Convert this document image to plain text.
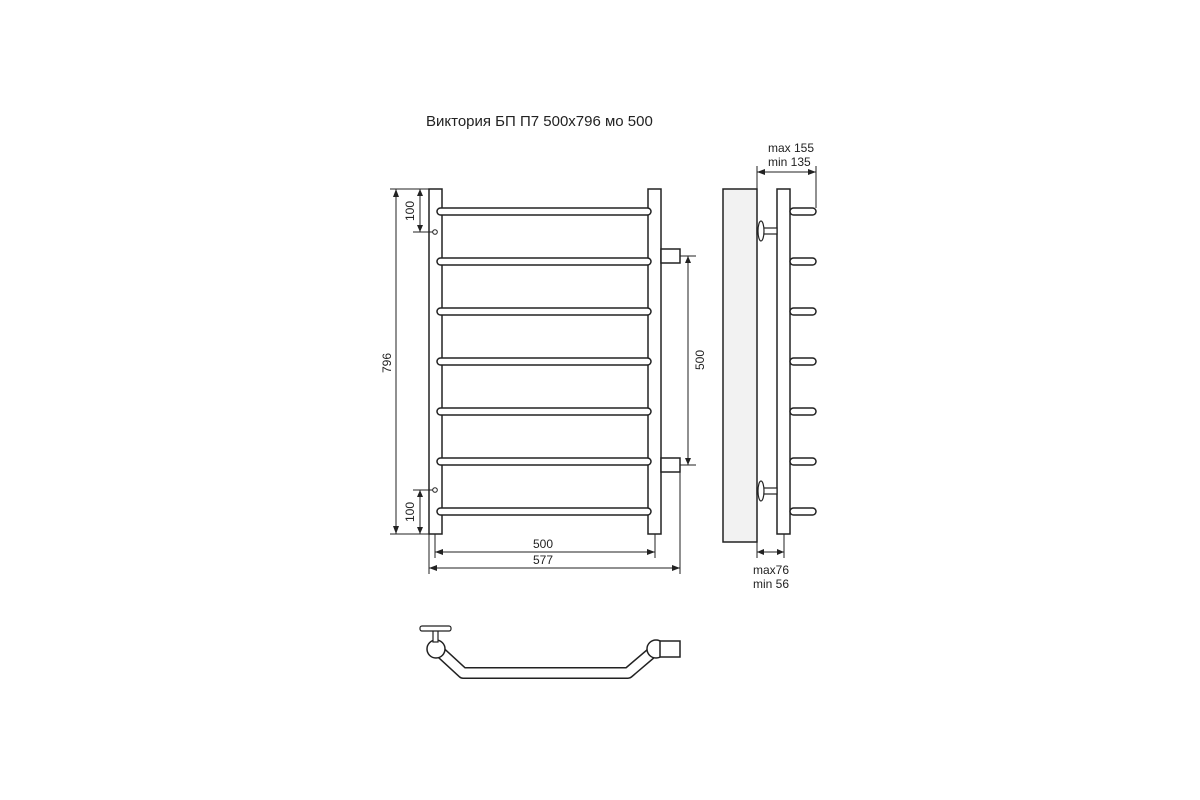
Виктория БП П7 500х796 мо 500
100
100
796	500
500
577
max 155
min 135
max76
min 56
